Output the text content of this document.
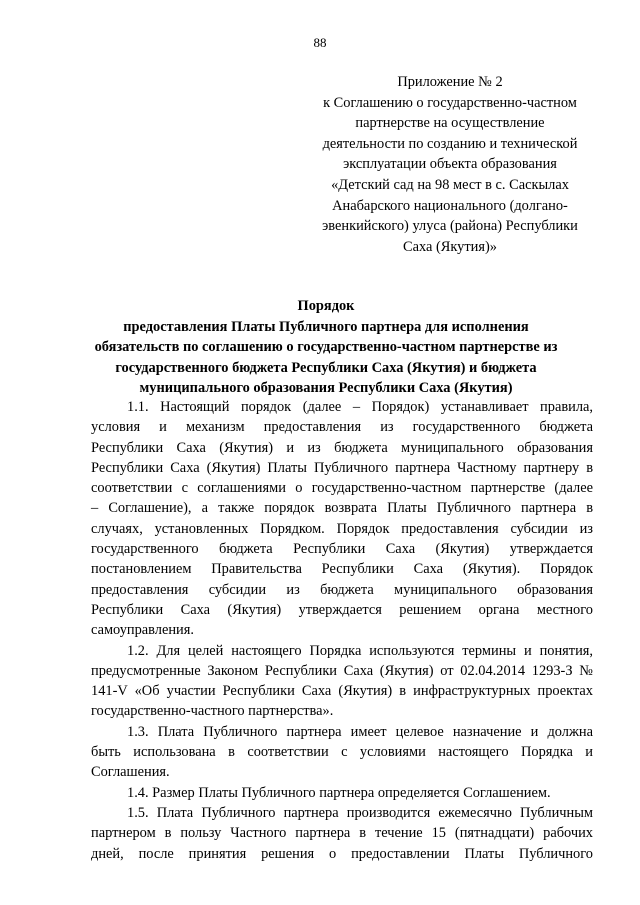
88
Приложение № 2
к Соглашению о государственно-частном
партнерстве на осуществление
деятельности по созданию и технической
эксплуатации объекта образования
«Детский сад на 98 мест в с. Саскылах
Анабарского национального (долгано-
эвенкийского) улуса (района) Республики
Саха (Якутия)»
Порядок
предоставления Платы Публичного партнера для исполнения
обязательств по соглашению о государственно-частном партнерстве из
государственного бюджета Республики Саха (Якутия) и бюджета
муниципального образования Республики Саха (Якутия)
1.1. Настоящий порядок (далее – Порядок) устанавливает правила,
условия и механизм предоставления из государственного бюджета
Республики Саха (Якутия) и из бюджета муниципального образования
Республики Саха (Якутия) Платы Публичного партнера Частному партнеру в
соответствии с соглашениями о государственно-частном партнерстве (далее
– Соглашение), а также порядок возврата Платы Публичного партнера в
случаях, установленных Порядком. Порядок предоставления субсидии из
государственного бюджета Республики Саха (Якутия) утверждается
постановлением Правительства Республики Саха (Якутия). Порядок
предоставления субсидии из бюджета муниципального образования
Республики Саха (Якутия) утверждается решением органа местного
самоуправления.
1.2. Для целей настоящего Порядка используются термины и понятия,
предусмотренные Законом Республики Саха (Якутия) от 02.04.2014 1293-З №
141-V «Об участии Республики Саха (Якутия) в инфраструктурных проектах
государственно-частного партнерства».
1.3. Плата Публичного партнера имеет целевое назначение и должна
быть использована в соответствии с условиями настоящего Порядка и
Соглашения.
1.4. Размер Платы Публичного партнера определяется Соглашением.
1.5. Плата Публичного партнера производится ежемесячно Публичным
партнером в пользу Частного партнера в течение 15 (пятнадцати) рабочих
дней, после принятия решения о предоставлении Платы Публичного
